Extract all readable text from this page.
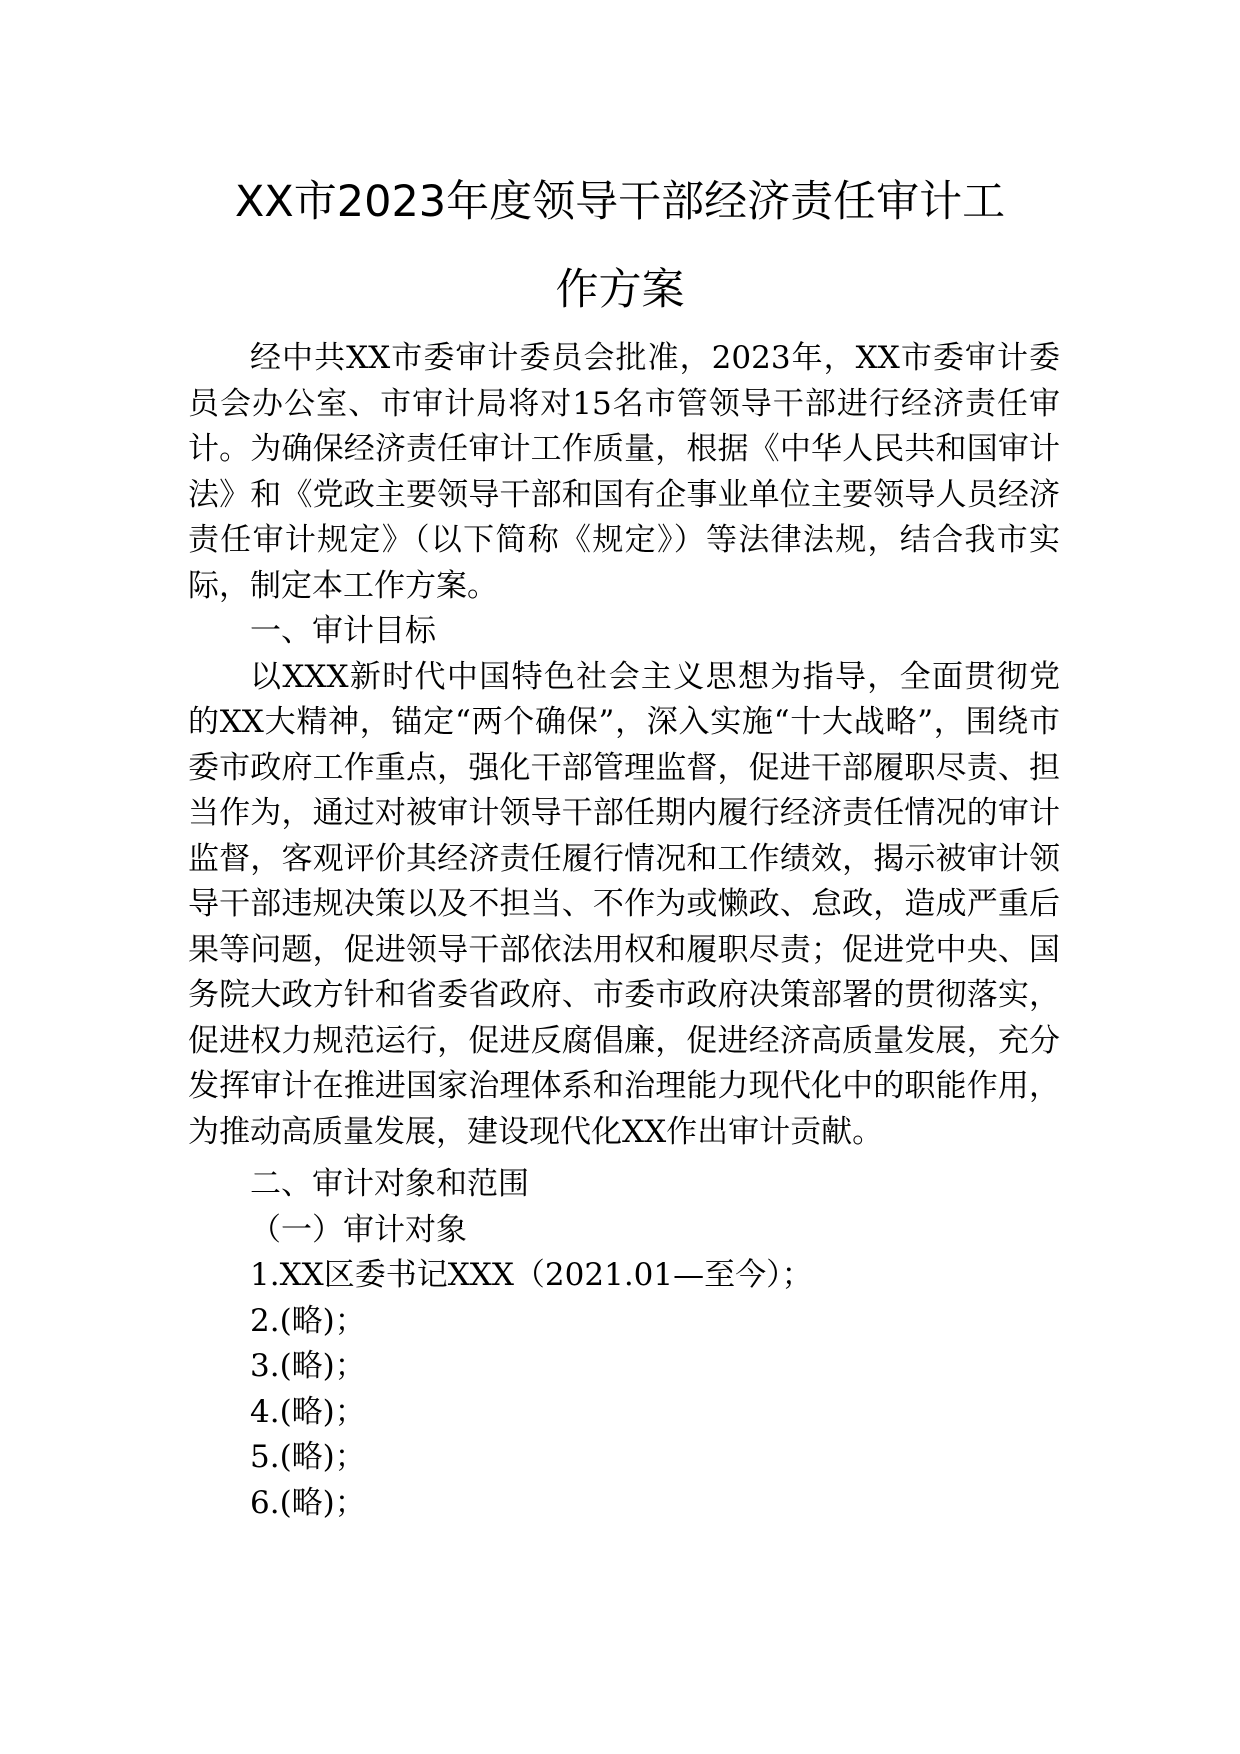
XX市2023年度领导干部经济责任审计工
作方案

经中共XX市委审计委员会批准，2023年，XX市委审计委员会办公室、市审计局将对15名市管领导干部进行经济责任审计。为确保经济责任审计工作质量，根据《中华人民共和国审计法》和《党政主要领导干部和国有企事业单位主要领导人员经济责任审计规定》（以下简称《规定》）等法律法规，结合我市实际，制定本工作方案。

一、审计目标

以XXX新时代中国特色社会主义思想为指导，全面贯彻党的XX大精神，锚定“两个确保”，深入实施“十大战略”，围绕市委市政府工作重点，强化干部管理监督，促进干部履职尽责、担当作为，通过对被审计领导干部任期内履行经济责任情况的审计监督，客观评价其经济责任履行情况和工作绩效，揭示被审计领导干部违规决策以及不担当、不作为或懒政、怠政，造成严重后果等问题，促进领导干部依法用权和履职尽责；促进党中央、国务院大政方针和省委省政府、市委市政府决策部署的贯彻落实，促进权力规范运行，促进反腐倡廉，促进经济高质量发展，充分发挥审计在推进国家治理体系和治理能力现代化中的职能作用，为推动高质量发展，建设现代化XX作出审计贡献。

二、审计对象和范围

（一）审计对象

1.XX区委书记XXX（2021.01—至今）；

2.(略)；

3.(略)；

4.(略)；

5.(略)；

6.(略)；
